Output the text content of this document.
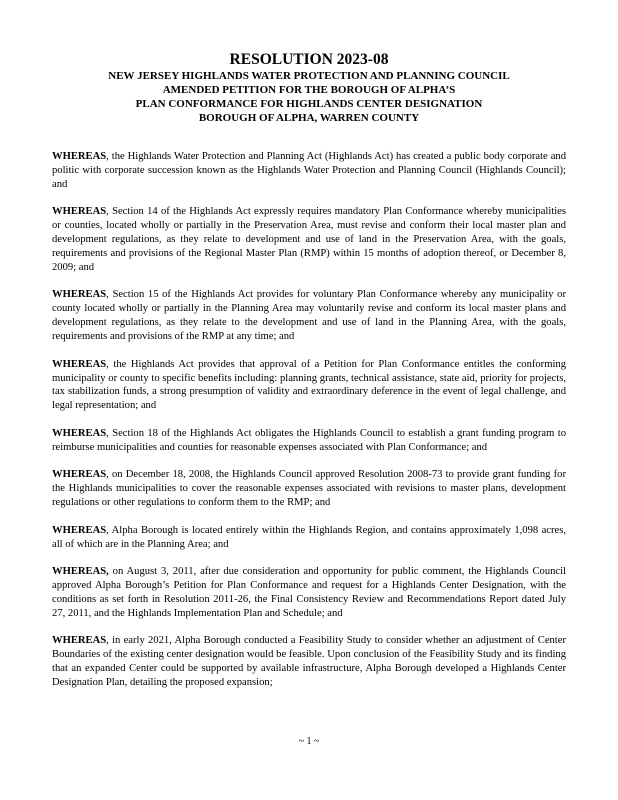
RESOLUTION 2023-08

NEW JERSEY HIGHLANDS WATER PROTECTION AND PLANNING COUNCIL

AMENDED PETITION FOR THE BOROUGH OF ALPHA’S

PLAN CONFORMANCE FOR HIGHLANDS CENTER DESIGNATION

BOROUGH OF ALPHA, WARREN COUNTY

WHEREAS, the Highlands Water Protection and Planning Act (Highlands Act) has created a public body corporate and politic with corporate succession known as the Highlands Water Protection and Planning Council (Highlands Council); and

WHEREAS, Section 14 of the Highlands Act expressly requires mandatory Plan Conformance whereby municipalities or counties, located wholly or partially in the Preservation Area, must revise and conform their local master plan and development regulations, as they relate to development and use of land in the Preservation Area, with the goals, requirements and provisions of the Regional Master Plan (RMP) within 15 months of adoption thereof, or December 8, 2009; and

WHEREAS, Section 15 of the Highlands Act provides for voluntary Plan Conformance whereby any municipality or county located wholly or partially in the Planning Area may voluntarily revise and conform its local master plans and development regulations, as they relate to the development and use of land in the Planning Area, with the goals, requirements and provisions of the RMP at any time; and

WHEREAS, the Highlands Act provides that approval of a Petition for Plan Conformance entitles the conforming municipality or county to specific benefits including: planning grants, technical assistance, state aid, priority for projects, tax stabilization funds, a strong presumption of validity and extraordinary deference in the event of legal challenge, and legal representation; and

WHEREAS, Section 18 of the Highlands Act obligates the Highlands Council to establish a grant funding program to reimburse municipalities and counties for reasonable expenses associated with Plan Conformance; and

WHEREAS, on December 18, 2008, the Highlands Council approved Resolution 2008-73 to provide grant funding for the Highlands municipalities to cover the reasonable expenses associated with revisions to master plans, development regulations or other regulations to conform them to the RMP; and

WHEREAS, Alpha Borough is located entirely within the Highlands Region, and contains approximately 1,098 acres, all of which are in the Planning Area; and

WHEREAS, on August 3, 2011, after due consideration and opportunity for public comment, the Highlands Council approved Alpha Borough’s Petition for Plan Conformance and request for a Highlands Center Designation, with the conditions as set forth in Resolution 2011-26, the Final Consistency Review and Recommendations Report dated July 27, 2011, and the Highlands Implementation Plan and Schedule; and

WHEREAS, in early 2021, Alpha Borough conducted a Feasibility Study to consider whether an adjustment of Center Boundaries of the existing center designation would be feasible. Upon conclusion of the Feasibility Study and its finding that an expanded Center could be supported by available infrastructure, Alpha Borough developed a Highlands Center Designation Plan, detailing the proposed expansion;

~ 1 ~
